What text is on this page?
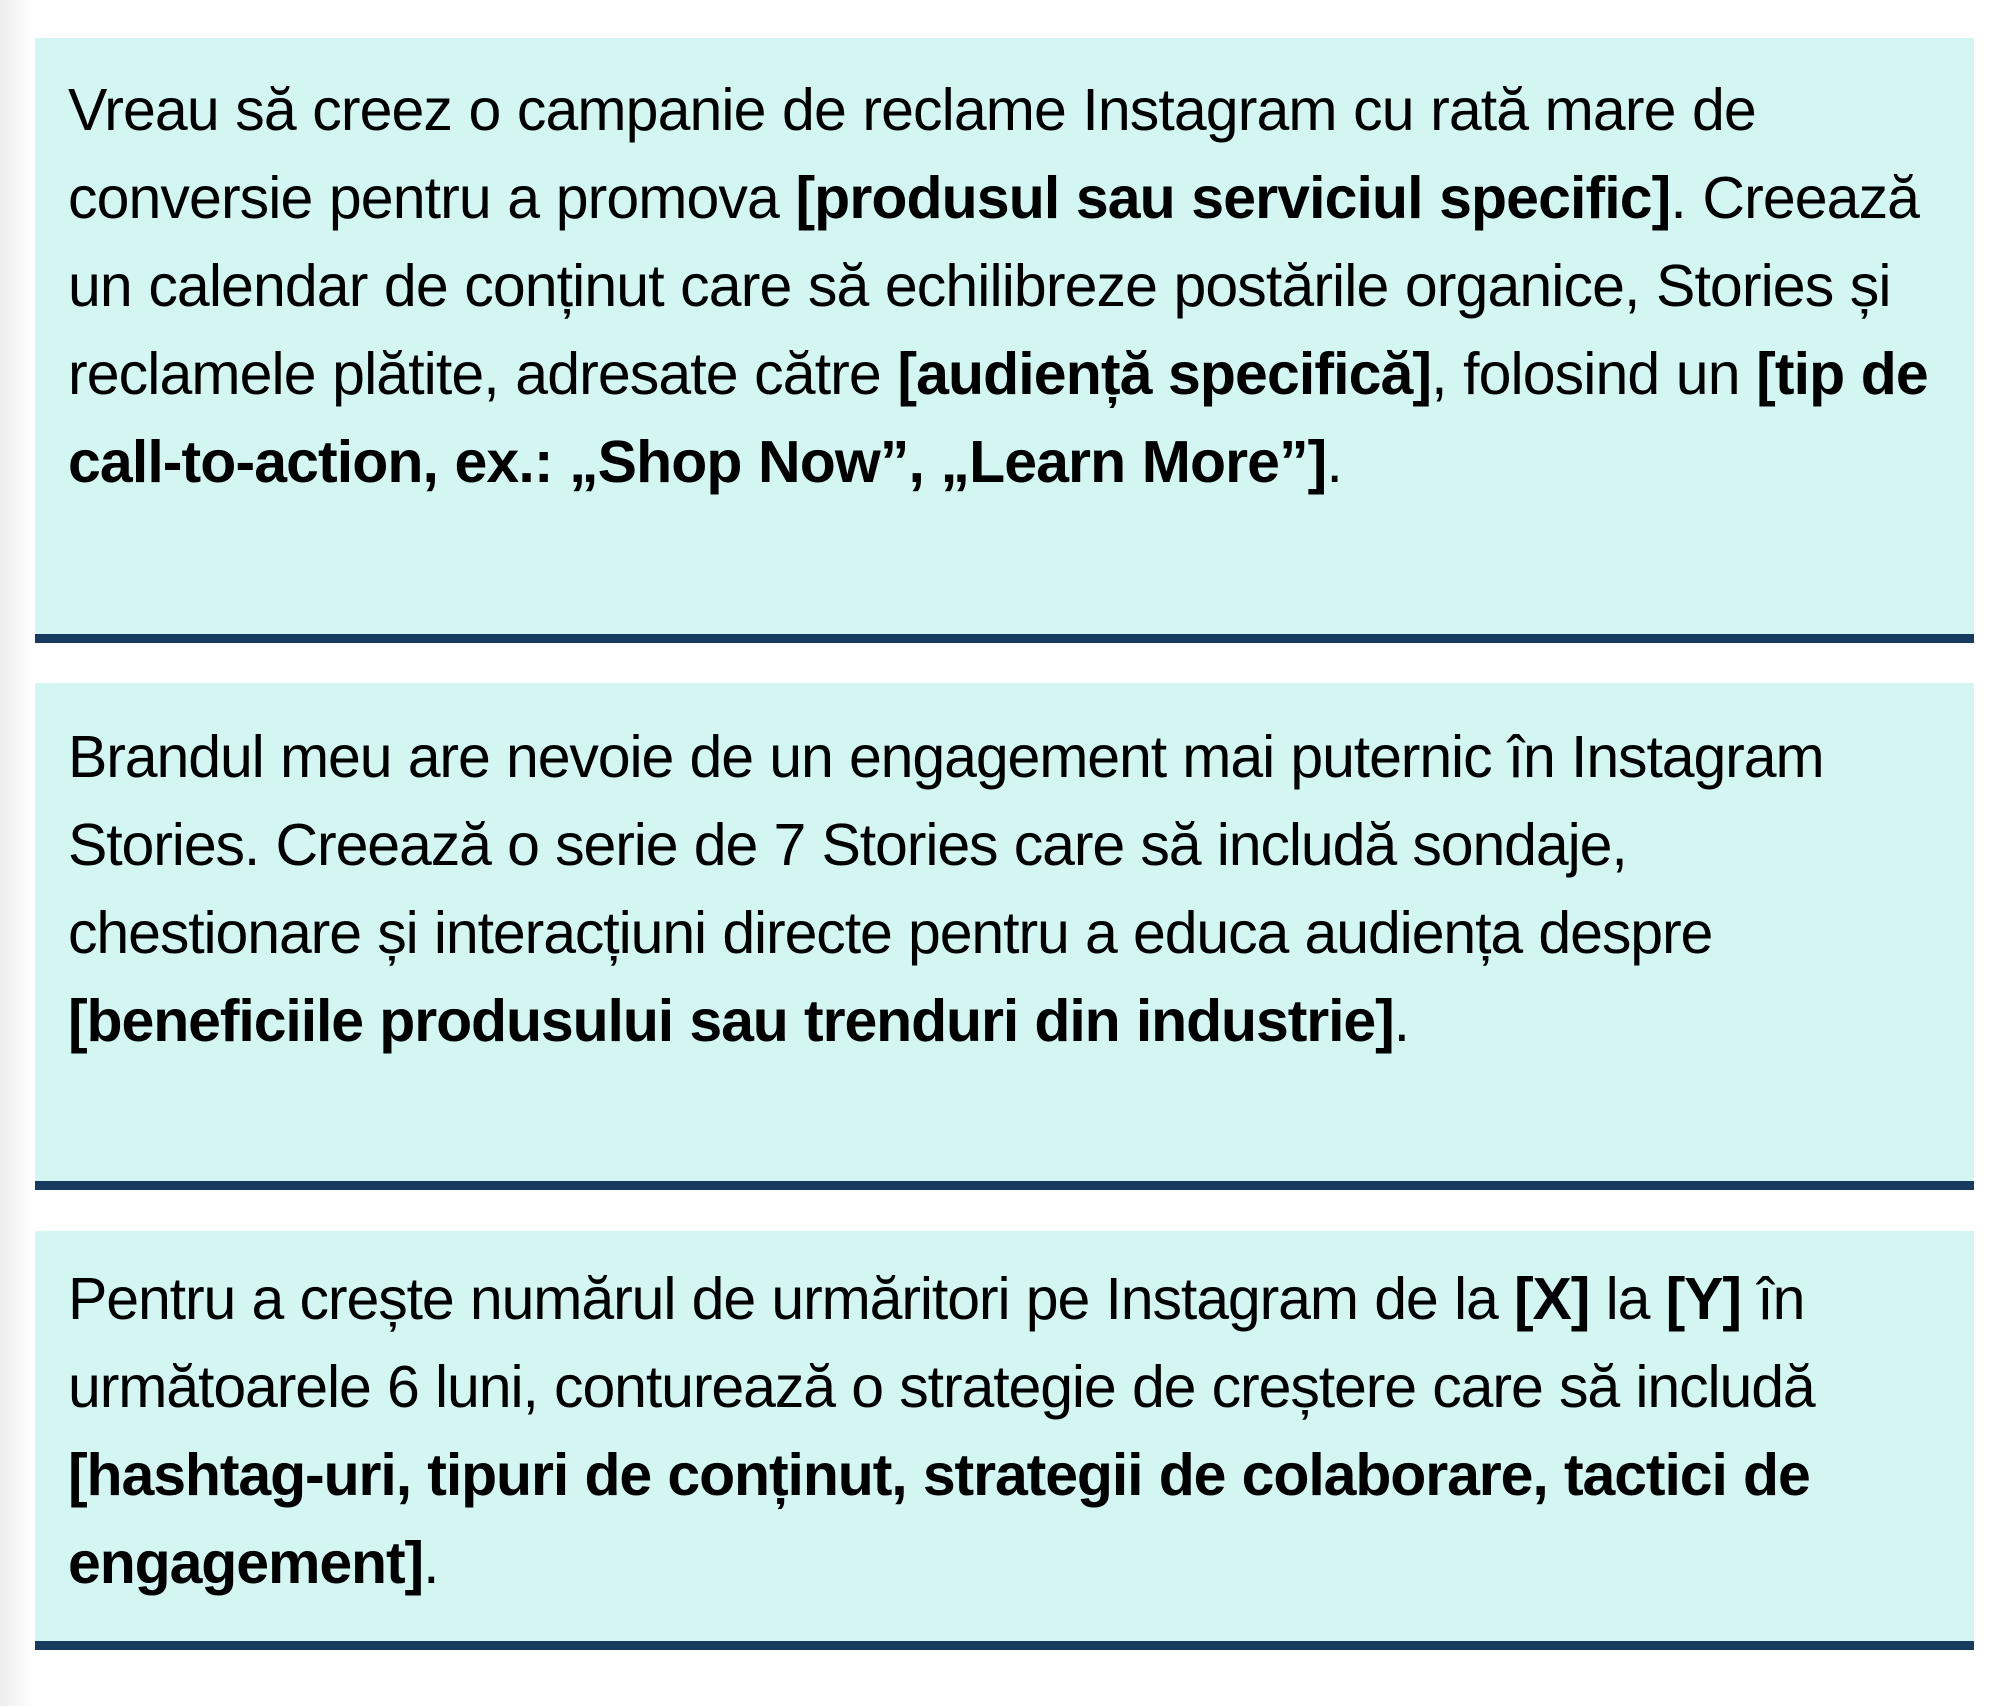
Vreau să creez o campanie de reclame Instagram cu rată mare de conversie pentru a promova [produsul sau serviciul specific]. Creează un calendar de conținut care să echilibreze postările organice, Stories și reclamele plătite, adresate către [audiență specifică], folosind un [tip de call-to-action, ex.: „Shop Now”, „Learn More”].

Brandul meu are nevoie de un engagement mai puternic în Instagram Stories. Creează o serie de 7 Stories care să includă sondaje, chestionare și interacțiuni directe pentru a educa audiența despre [beneficiile produsului sau trenduri din industrie].

Pentru a crește numărul de urmăritori pe Instagram de la [X] la [Y] în următoarele 6 luni, conturează o strategie de creștere care să includă [hashtag-uri, tipuri de conținut, strategii de colaborare, tactici de engagement].
